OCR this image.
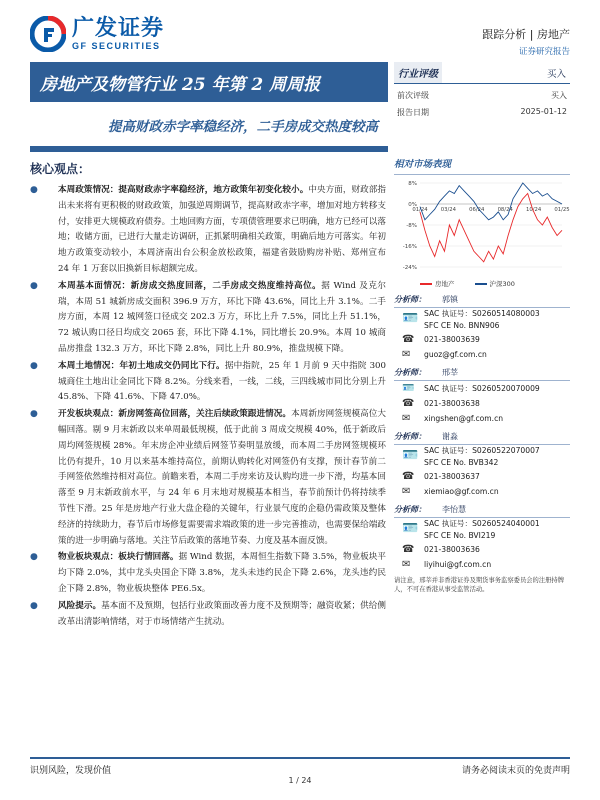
广发证券
GF SECURITIES
跟踪分析 | 房地产
证券研究报告
房地产及物管行业 25 年第 2 周周报
提高财政赤字率稳经济，二手房成交热度较高
行业评级	买入
前次评级	买入
报告日期	2025-01-12
核心观点：
● 本周政策情况：提高财政赤字率稳经济，地方政策年初变化较小。中央方面，财政部指出未来将有更积极的财政政策，加强逆周期调节，提高财政赤字率，增加对地方转移支付，安排更大规模政府债券。土地回购方面，专项债管理要求已明确，地方已经可以落地；收储方面，已进行大量走访调研，正抓紧明确相关政策，明确后地方可落实。年初地方政策变动较小，本周济南出台公积金放松政策，福建省鼓励购房补贴、郑州宣布 24 年 1 万套以旧换新目标超额完成。
● 本周基本面情况：新房成交热度回落，二手房成交热度维持高位。据 Wind 及克尔瑞，本周 51 城新房成交面积 396.9 万方，环比下降 43.6%，同比上升 3.1%。二手房方面，本周 12 城网签口径成交 202.3 万方，环比上升 7.5%，同比上升 51.1%，72 城认购口径日均成交 2065 套，环比下降 4.1%，同比增长 20.9%。本周 10 城商品房推盘 132.3 万方，环比下降 2.8%，同比上升 80.9%，推盘规模下降。
● 本周土地情况：年初土地成交仍同比下行。据中指院，25 年 1 月前 9 天中指院 300 城商住土地出让金同比下降 8.2%。分线来看，一线，二线，三四线城市同比分别上升 45.8%、下降 41.6%、下降 47.0%。
● 开发板块观点：新房网签高位回落，关注后续政策跟进情况。本周新房网签规模高位大幅回落。剔 9 月末新政以来单周最低规模，低于此前 3 周成交规模 40%，低于新政后周均网签规模 28%。年末房企冲业绩后网签节奏明显放缓，而本周二手房网签规模环比仍有提升，10 月以来基本维持高位，前期认购转化对网签仍有支撑，预计春节前二手网签依然维持相对高位。前瞻来看，本周二手房来访及认购均进一步下滑，均基本回落至 9 月末新政前水平，与 24 年 6 月末地对规模基本相当，春节前预计仍将持续季节性下滑。25 年是房地产行业大盘企稳的关键年，行业景气度的企稳仍需政策及整体经济的持续助力，春节后市场修复需要需求端政策的进一步完善推动，也需要保给端政策的进一步明确与落地。关注节后政策的落地节奏、力度及基本面反馈。
● 物业板块观点：板块行情回落。据 Wind 数据，本周恒生指数下降 3.5%，物业板块平均下降 2.0%，其中龙头央国企下降 3.8%，龙头未违约民企下降 2.6%，龙头违约民企下降 2.8%，物业板块整体 PE6.5x。
● 风险提示。基本面不及预期，包括行业政策面改善力度不及预期等；融资收紧；供给侧改革出清影响情绪，对于市场情绪产生扰动。
相对市场表现
8%
0%
-8%
-16%
-24%
01/24 03/24 06/24 08/24 10/24 01/25
房地产	沪深300
分析师：	郭镇
🪪 SAC 执证号：S0260514080003
SFC CE No. BNN906
☎	021-38003639
✉	guoz@gf.com.cn
分析师：	邢莘
🪪	SAC 执证号：S0260520070009
☎	021-38003638
✉	xingshen@gf.com.cn
分析师：	谢淼
🪪 SAC 执证号：S0260522070007
SFC CE No. BVB342
☎	021-38003637
✉	xiemiao@gf.com.cn
分析师：	李怡慧
🪪 SAC 执证号：S0260524040001
SFC CE No. BVI219
☎	021-38003636
✉	liyihui@gf.com.cn
请注意，邢莘并非香港证券及期货事务监察委员会的注册持牌人，不可在香港从事受监管活动。
识别风险，发现价值	请务必阅读末页的免责声明
1 / 24
